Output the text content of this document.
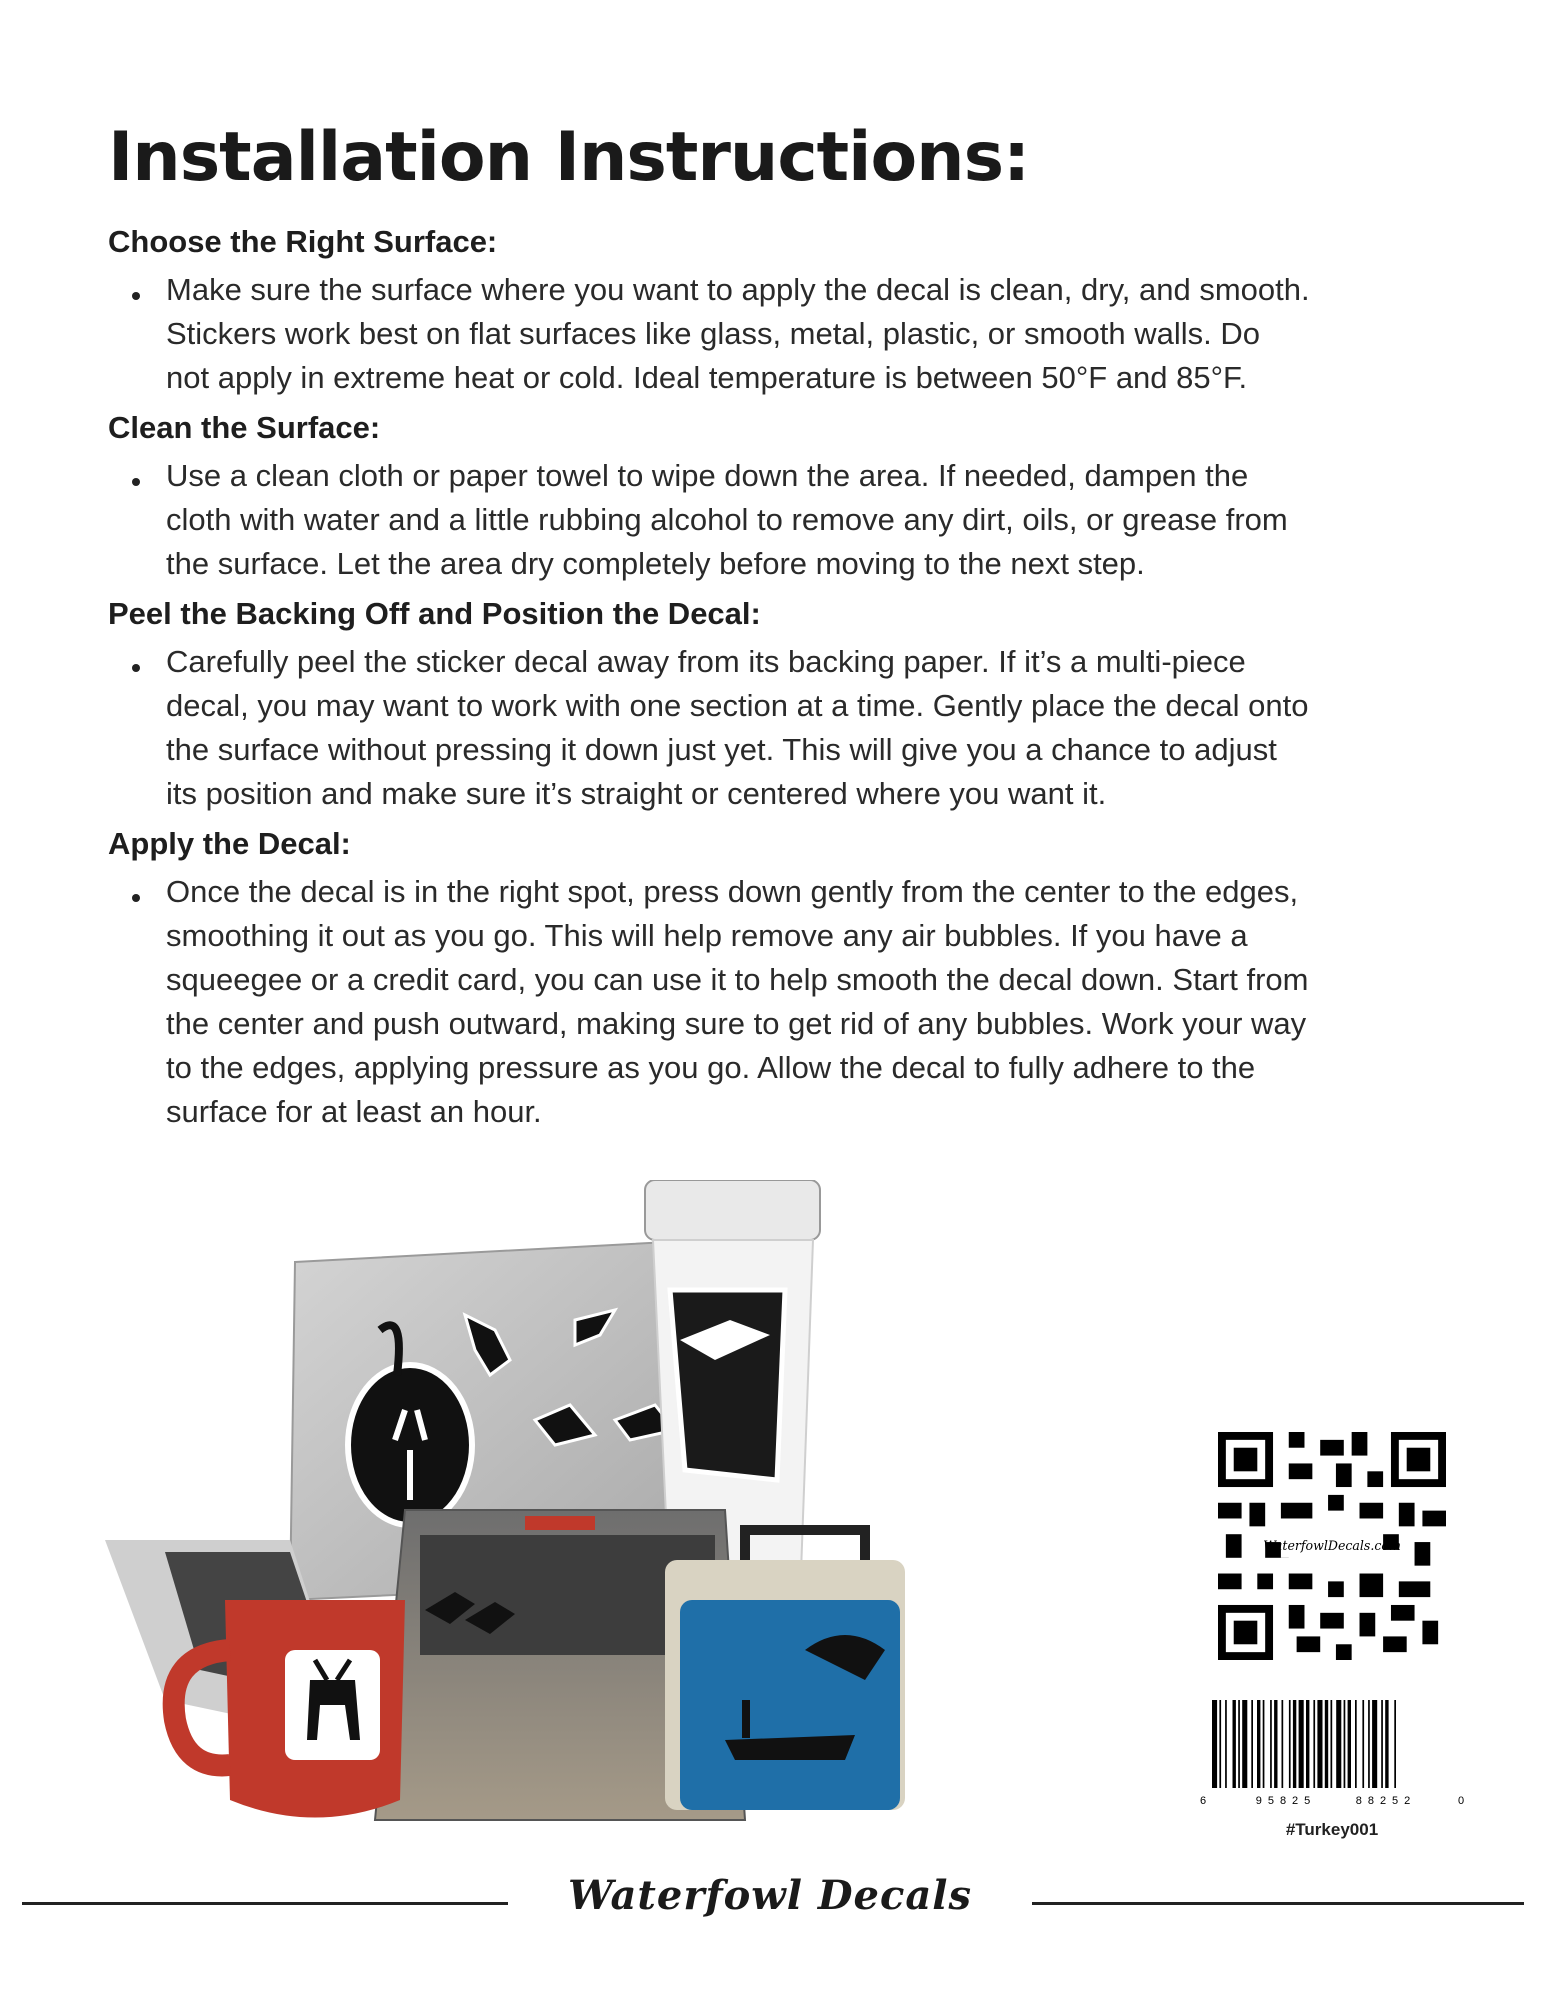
Installation Instructions:
Choose the Right Surface:
Make sure the surface where you want to apply the decal is clean, dry, and smooth.
Stickers work best on flat surfaces like glass, metal, plastic, or smooth walls. Do
not apply in extreme heat or cold. Ideal temperature is between 50°F and 85°F.
Clean the Surface:
Use a clean cloth or paper towel to wipe down the area. If needed, dampen the
cloth with water and a little rubbing alcohol to remove any dirt, oils, or grease from
the surface. Let the area dry completely before moving to the next step.
Peel the Backing Off and Position the Decal:
Carefully peel the sticker decal away from its backing paper. If it’s a multi-piece
decal, you may want to work with one section at a time. Gently place the decal onto
the surface without pressing it down just yet. This will give you a chance to adjust
its position and make sure it’s straight or centered where you want it.
Apply the Decal:
Once the decal is in the right spot, press down gently from the center to the edges,
smoothing it out as you go. This will help remove any air bubbles. If you have a
squeegee or a credit card, you can use it to help smooth the decal down. Start from
the center and push outward, making sure to get rid of any bubbles. Work your way
to the edges, applying pressure as you go. Allow the decal to fully adhere to the
surface for at least an hour.
WaterfowlDecals.com
6	95825	88252	0
#Turkey001
Waterfowl Decals
